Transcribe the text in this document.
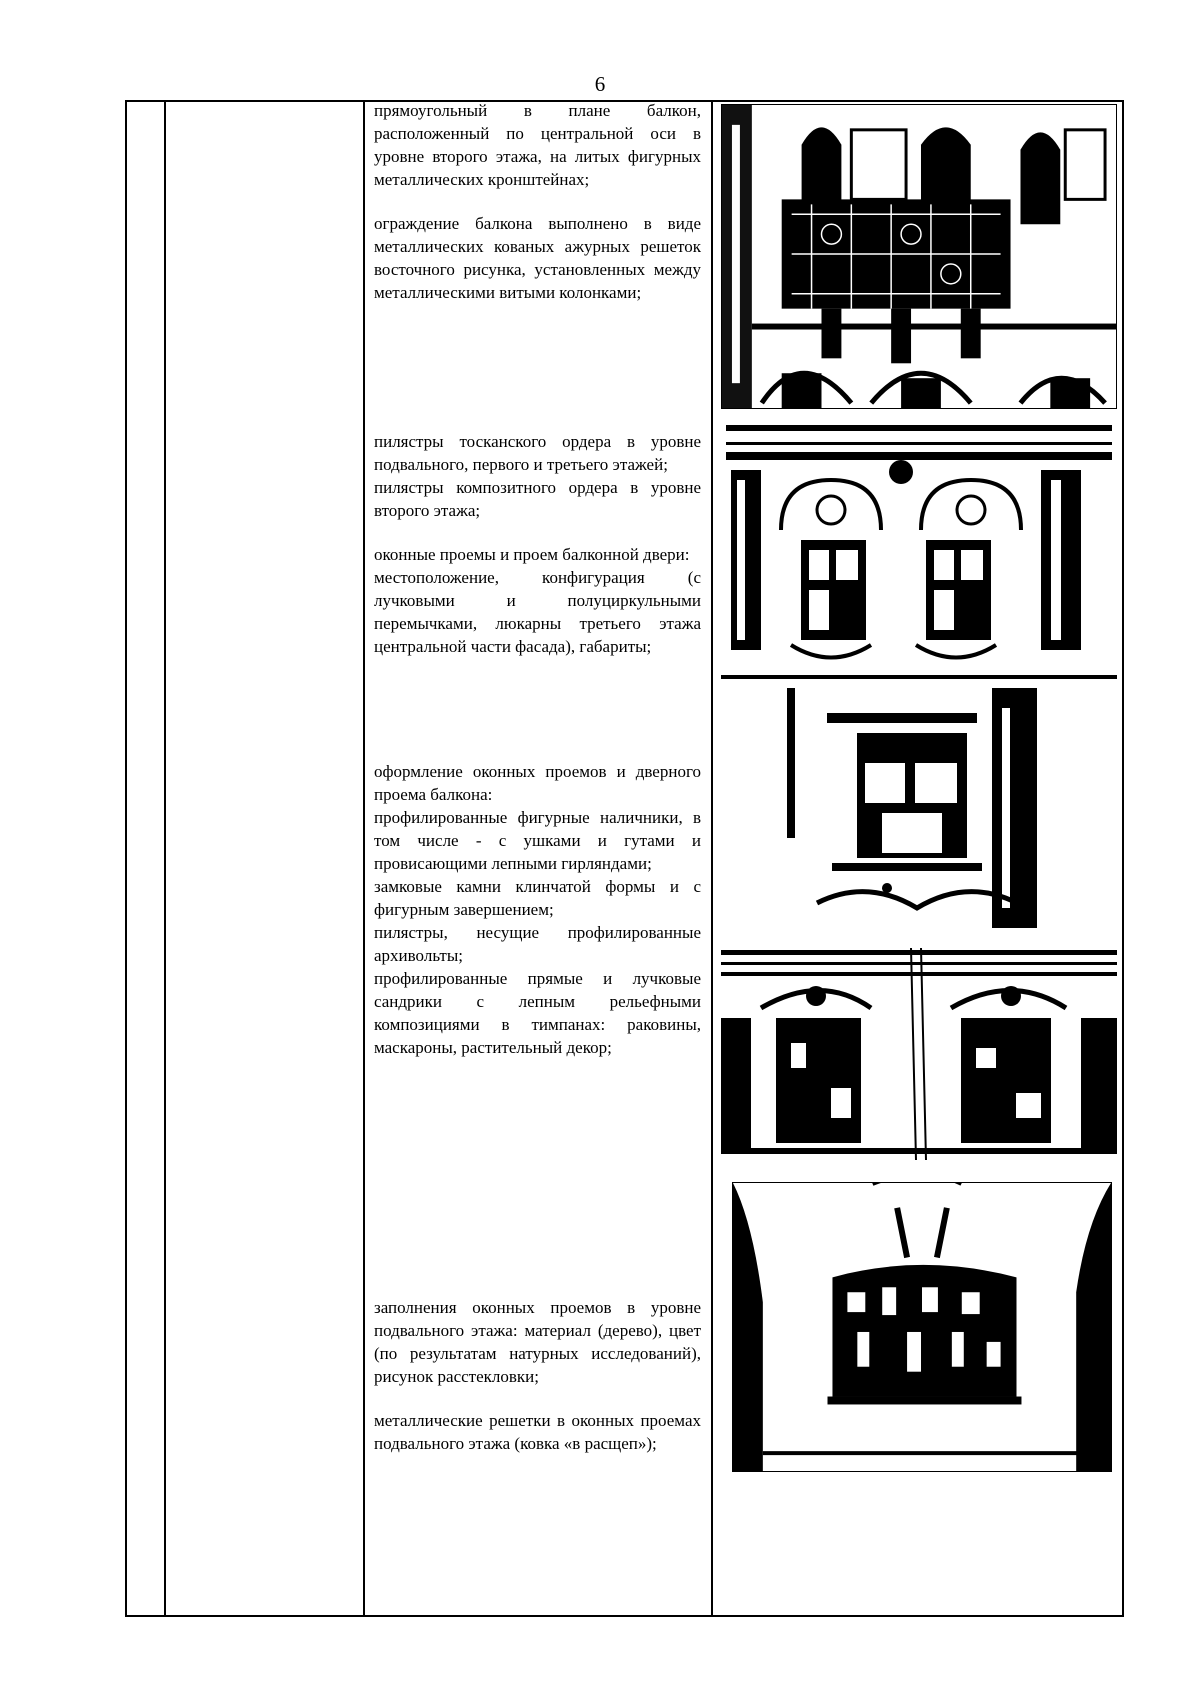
6

прямоугольный в плане балкон, расположенный по центральной оси в уровне второго этажа, на литых фигурных металлических кронштейнах;

ограждение балкона выполнено в виде металлических кованых ажурных решеток восточного рисунка, установленных между металлическими витыми колонками;

пилястры тосканского ордера в уровне подвального, первого и третьего этажей;

пилястры композитного ордера в уровне второго этажа;

оконные проемы и проем балконной двери:

местоположение, конфигурация (с лучковыми и полуциркульными перемычками, люкарны третьего этажа центральной части фасада), габариты;

оформление оконных проемов и дверного проема балкона:

профилированные фигурные наличники, в том числе - с ушками и гутами и провисающими лепными гирляндами;

замковые камни клинчатой формы и с фигурным завершением;

пилястры, несущие профилированные архивольты;

профилированные прямые и лучковые сандрики с лепным рельефными композициями в тимпанах: раковины, маскароны, растительный декор;

заполнения оконных проемов в уровне подвального этажа: материал (дерево), цвет (по результатам натурных исследований), рисунок расстекловки;

металлические решетки в оконных проемах подвального этажа (ковка «в расщеп»);
